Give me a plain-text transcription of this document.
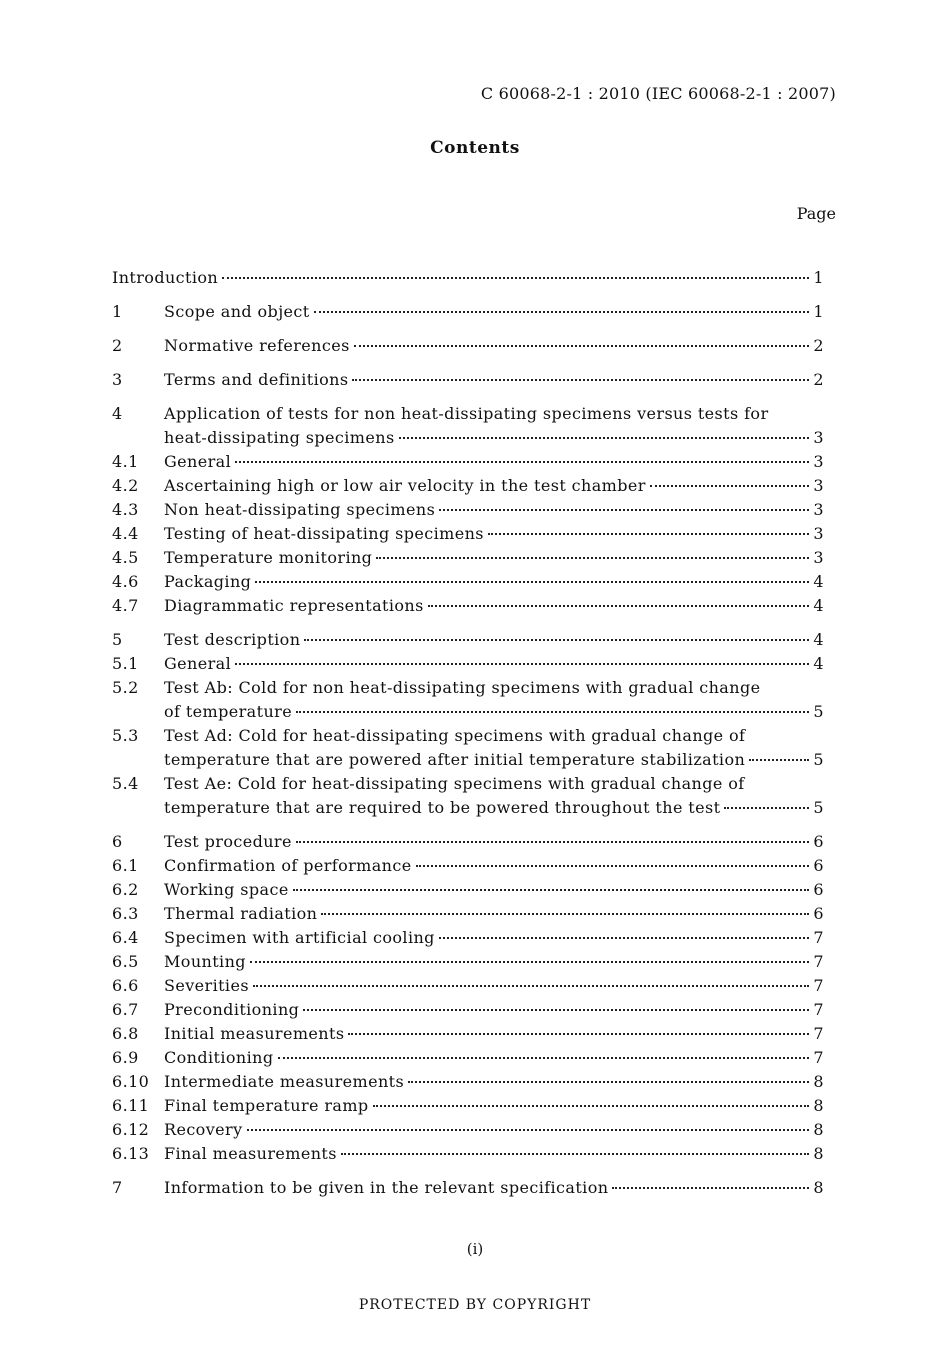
C 60068-2-1 : 2010 (IEC 60068-2-1 : 2007)
Contents
Page
Introduction	1
1	Scope and object	1
2	Normative references	2
3	Terms and definitions	2
4	Application of tests for non heat-dissipating specimens versus tests for
heat-dissipating specimens	3
4.1	General	3
4.2	Ascertaining high or low air velocity in the test chamber	3
4.3	Non heat-dissipating specimens	3
4.4	Testing of heat-dissipating specimens	3
4.5	Temperature monitoring	3
4.6	Packaging	4
4.7	Diagrammatic representations	4
5	Test description	4
5.1	General	4
5.2	Test Ab: Cold for non heat-dissipating specimens with gradual change
of temperature	5
5.3	Test Ad: Cold for heat-dissipating specimens with gradual change of
temperature that are powered after initial temperature stabilization	5
5.4	Test Ae: Cold for heat-dissipating specimens with gradual change of
temperature that are required to be powered throughout the test	5
6	Test procedure	6
6.1	Confirmation of performance	6
6.2	Working space	6
6.3	Thermal radiation	6
6.4	Specimen with artificial cooling	7
6.5	Mounting	7
6.6	Severities	7
6.7	Preconditioning	7
6.8	Initial measurements	7
6.9	Conditioning	7
6.10 Intermediate measurements	8
6.11 Final temperature ramp	8
6.12 Recovery	8
6.13 Final measurements	8
7	Information to be given in the relevant specification	8
(i)
PROTECTED BY COPYRIGHT
